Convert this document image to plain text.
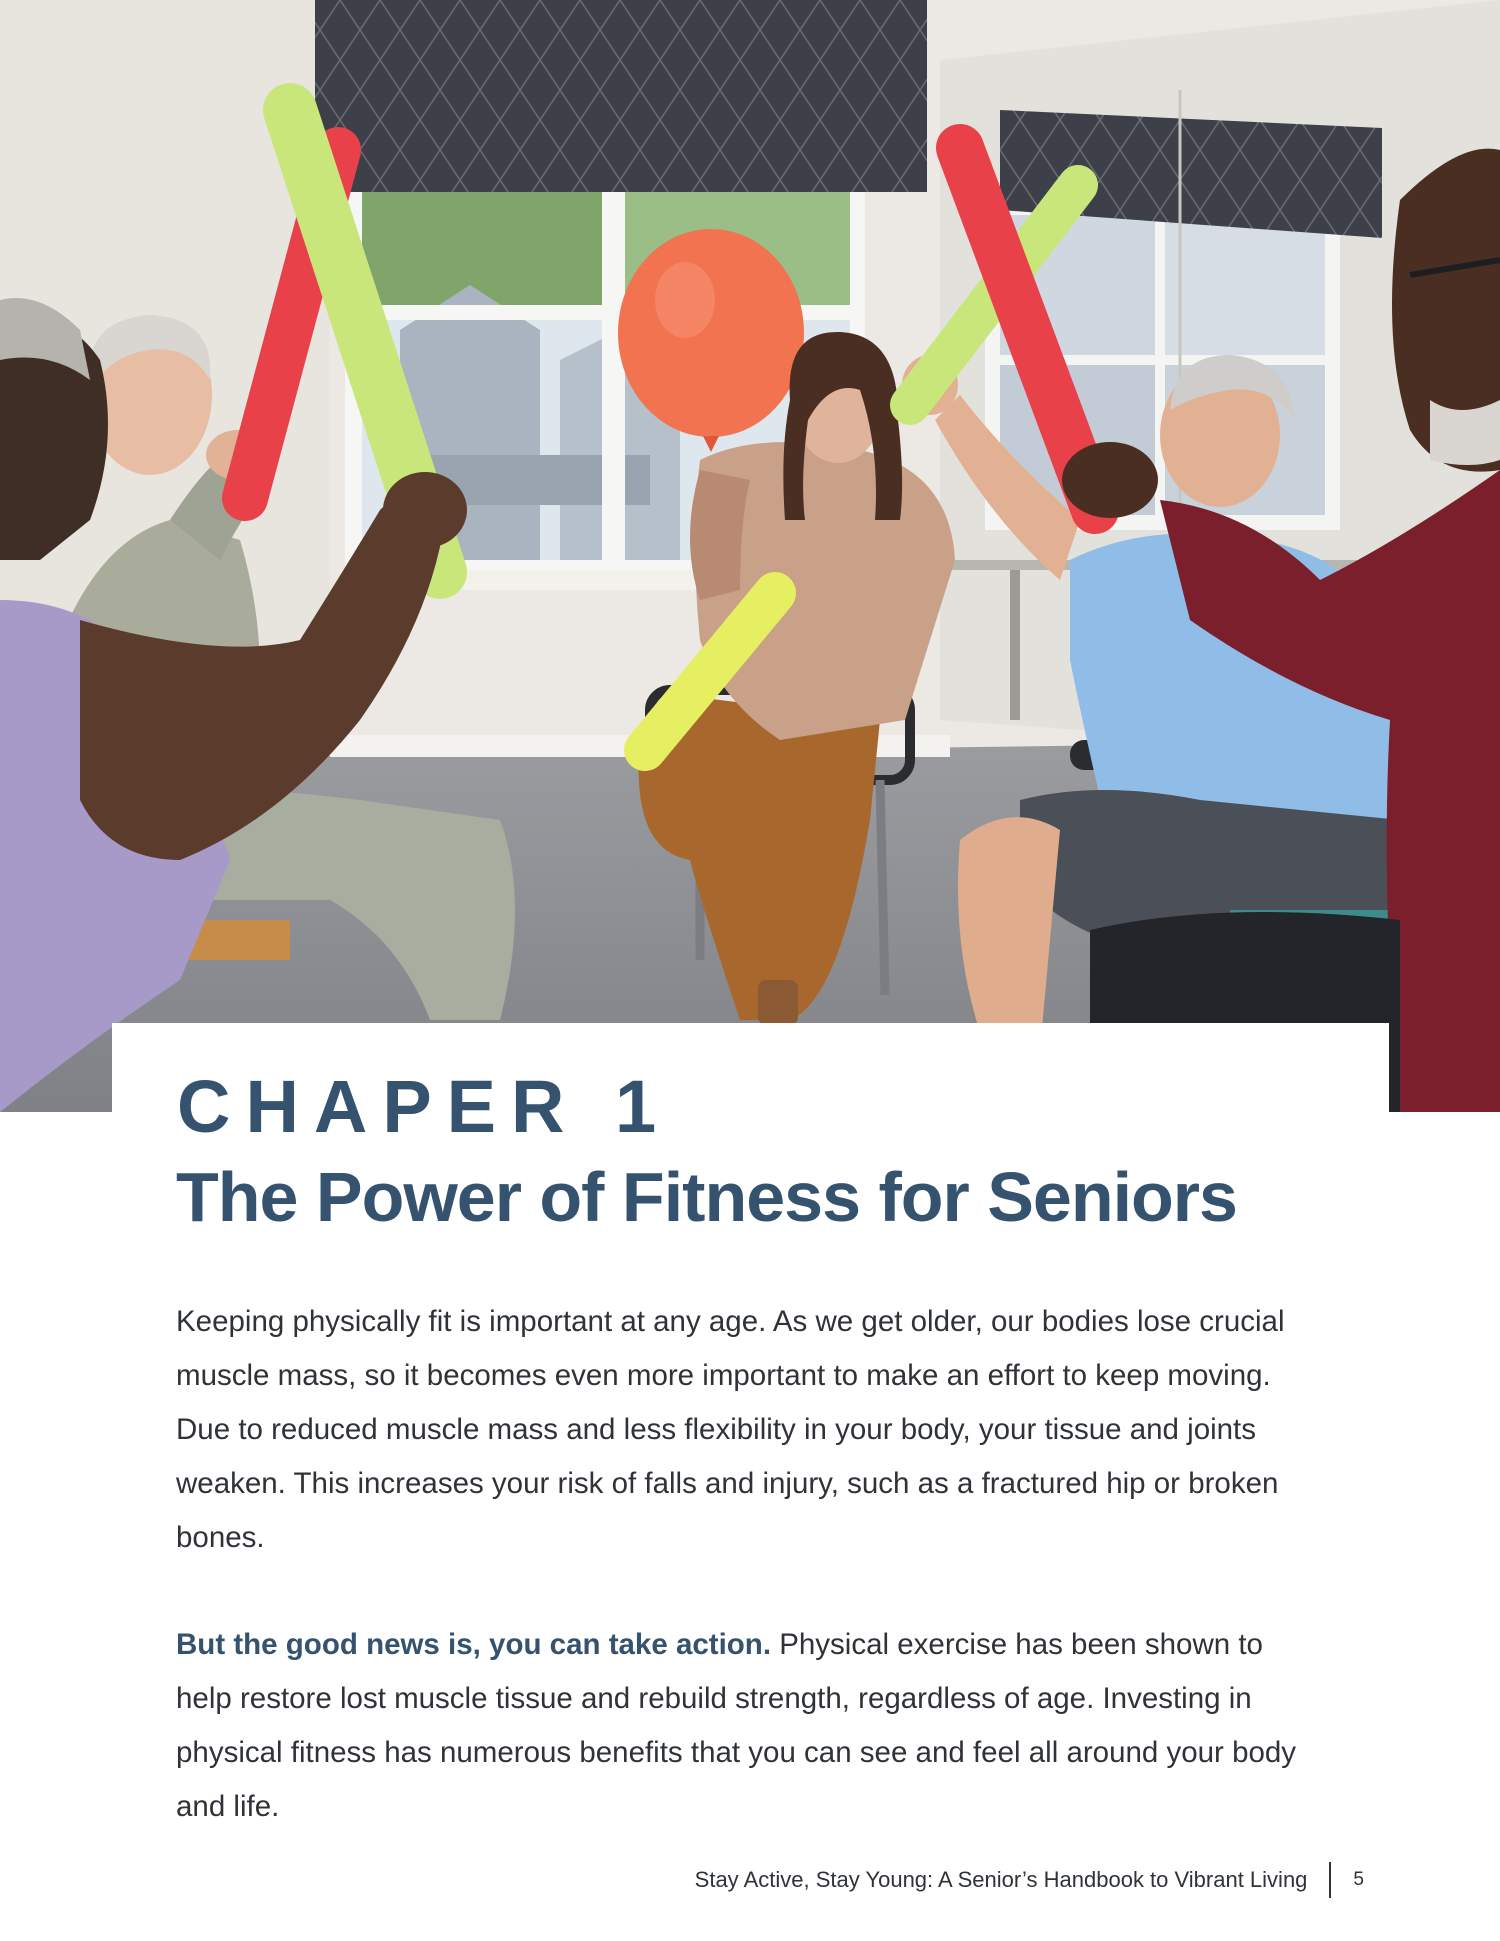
CHAPER 1
The Power of Fitness for Seniors

Keeping physically fit is important at any age. As we get older, our bodies lose crucial muscle mass, so it becomes even more important to make an effort to keep moving. Due to reduced muscle mass and less flexibility in your body, your tissue and joints weaken. This increases your risk of falls and injury, such as a fractured hip or broken bones.

But the good news is, you can take action. Physical exercise has been shown to help restore lost muscle tissue and rebuild strength, regardless of age. Investing in physical fitness has numerous benefits that you can see and feel all around your body and life.

Stay Active, Stay Young: A Senior’s Handbook to Vibrant Living 5
